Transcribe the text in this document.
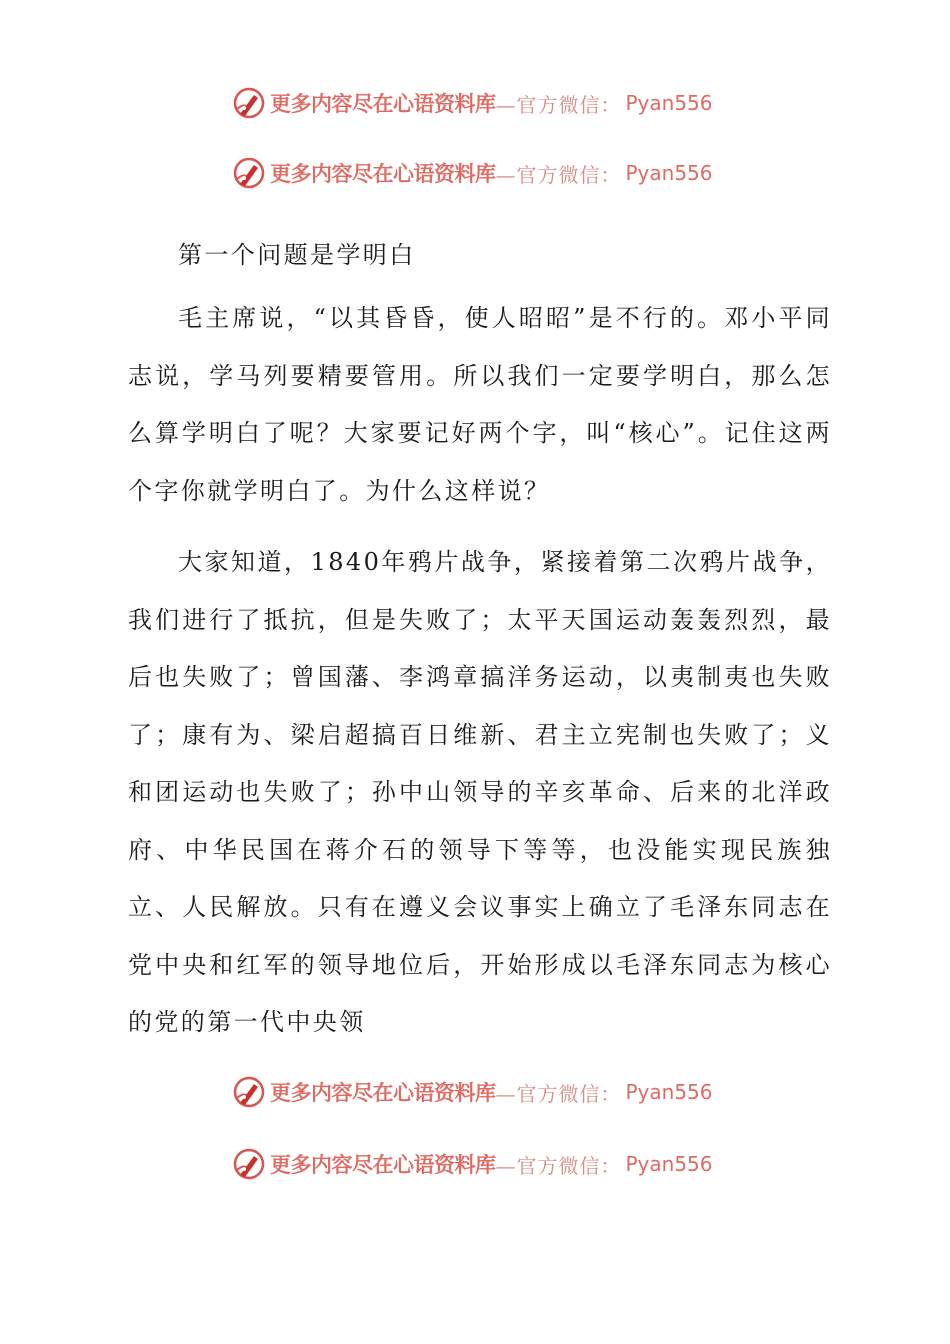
更多内容尽在心语资料库 —官方微信： Pyan556
更多内容尽在心语资料库 —官方微信： Pyan556

第一个问题是学明白

毛主席说，“以其昏昏，使人昭昭”是不行的。邓小平同志说，学马列要精要管用。所以我们一定要学明白，那么怎么算学明白了呢？大家要记好两个字，叫“核心”。记住这两个字你就学明白了。为什么这样说？

大家知道，1840年鸦片战争，紧接着第二次鸦片战争，我们进行了抵抗，但是失败了；太平天国运动轰轰烈烈，最后也失败了；曾国藩、李鸿章搞洋务运动，以夷制夷也失败了；康有为、梁启超搞百日维新、君主立宪制也失败了；义和团运动也失败了；孙中山领导的辛亥革命、后来的北洋政府、中华民国在蒋介石的领导下等等，也没能实现民族独立、人民解放。只有在遵义会议事实上确立了毛泽东同志在党中央和红军的领导地位后，开始形成以毛泽东同志为核心的党的第一代中央领

更多内容尽在心语资料库 —官方微信： Pyan556
更多内容尽在心语资料库 —官方微信： Pyan556
